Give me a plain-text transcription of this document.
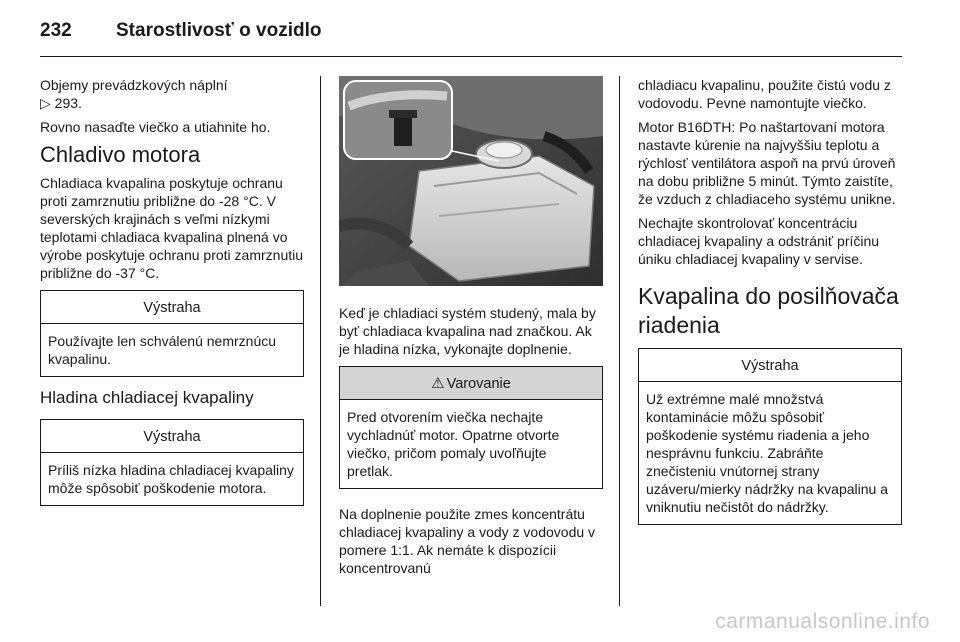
232	Starostlivosť o vozidlo

Objemy prevádzkových náplní
▷ 293.

Rovno nasaďte viečko a utiahnite ho.

Chladivo motora

Chladiaca kvapalina poskytuje ochranu proti zamrznutiu približne do -28 °C. V severských krajinách s veľmi nízkymi teplotami chladiaca kvapalina plnená vo výrobe poskytuje ochranu proti zamrznutiu približne do -37 °C.

Výstraha
Používajte len schválenú nemrznúcu kvapalinu.
Hladina chladiacej kvapaliny
Výstraha
Príliš nízka hladina chladiacej kvapaliny môže spôsobiť poškodenie motora.

Keď je chladiaci systém studený, mala by byť chladiaca kvapalina nad značkou. Ak je hladina nízka, vykonajte doplnenie.

⚠ Varovanie
Pred otvorením viečka nechajte vychladnúť motor. Opatrne otvorte viečko, pričom pomaly uvoľňujte pretlak.

Na doplnenie použite zmes koncentrátu chladiacej kvapaliny a vody z vodovodu v pomere 1:1. Ak nemáte k dispozícii koncentrovanú

chladiacu kvapalinu, použite čistú vodu z vodovodu. Pevne namontujte viečko.

Motor B16DTH: Po naštartovaní motora nastavte kúrenie na najvyššiu teplotu a rýchlosť ventilátora aspoň na prvú úroveň na dobu približne 5 minút. Týmto zaistíte, že vzduch z chladiaceho systému unikne.

Nechajte skontrolovať koncentráciu chladiacej kvapaliny a odstrániť príčinu úniku chladiacej kvapaliny v servise.

Kvapalina do posilňovača riadenia
Výstraha
Už extrémne malé množstvá kontaminácie môžu spôsobiť poškodenie systému riadenia a jeho nesprávnu funkciu. Zabráňte znečisteniu vnútornej strany uzáveru/mierky nádržky na kvapalinu a vniknutiu nečistôt do nádržky.
carmanualsonline.info
